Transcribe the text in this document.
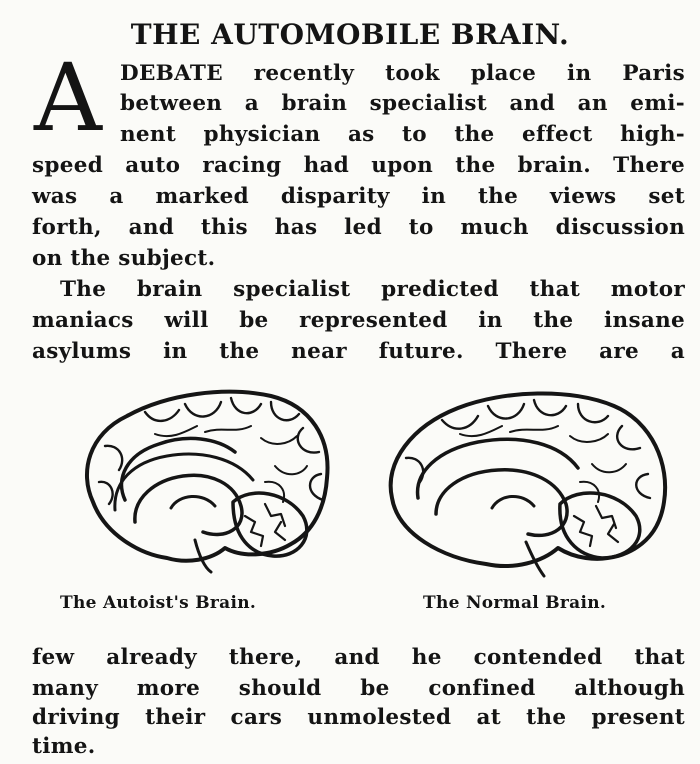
THE AUTOMOBILE BRAIN.
A DEBATE recently took place in Paris
between a brain specialist and an emi-
nent physician as to the effect high-
speed auto racing had upon the brain. There
was a marked disparity in the views set
forth, and this has led to much discussion
on the subject.
The brain specialist predicted that motor
maniacs will be represented in the insane
asylums in the near future. There are a
The Autoist's Brain.	The Normal Brain.
few already there, and he contended that
many more should be confined although
driving their cars unmolested at the present
time.
